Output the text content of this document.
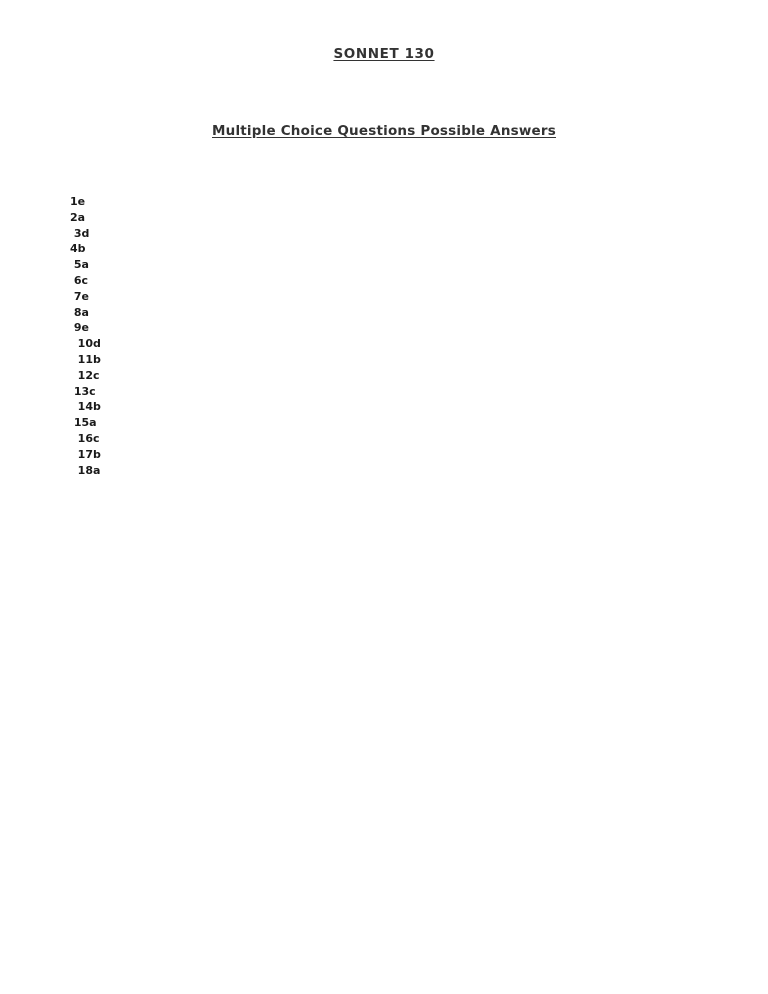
SONNET 130
Multiple Choice Questions Possible Answers
1e
2a
3d
4b
5a
6c
7e
8a
9e
10d
11b
12c
13c
14b
15a
16c
17b
18a
